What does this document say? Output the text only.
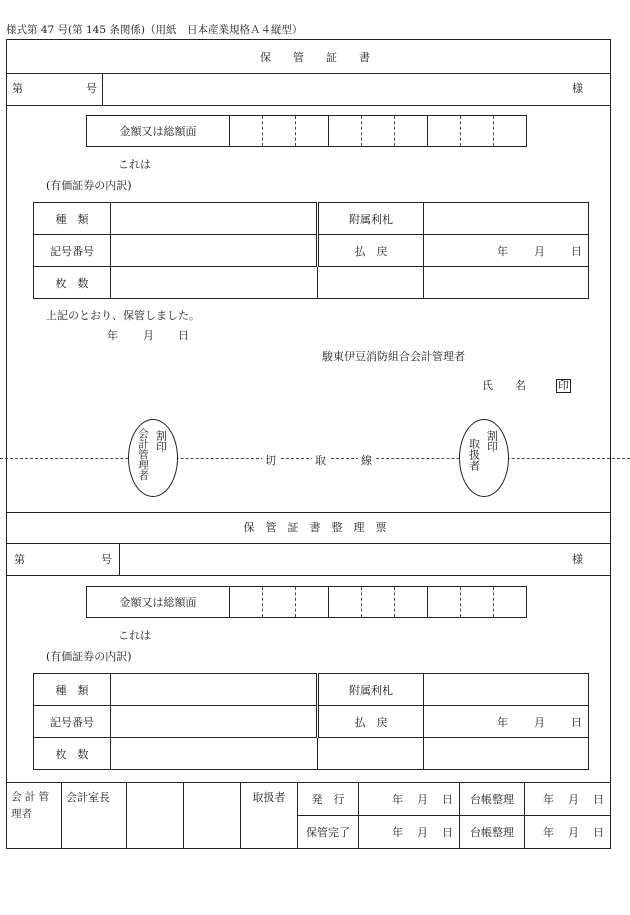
様式第 47 号(第 145 条関係)（用紙　日本産業規格Ａ４縦型）
保　　管　　証　　書
第	号	様
金額又は総額面									
これは
(有価証券の内訳)
種　類		附属利札	
記号番号		払　戻	年 月 日

枚　数			
上記のとおり、保管しました。
年 月 日
駿東伊豆消防組合会計管理者
氏　　名	印
割印
会計管理者	割印
取扱者
切	取	線
保　管　証　書　整　理　票
第	号	様
金額又は総額面									
これは
(有価証券の内訳)
種　類		附属利札	
記号番号		払　戻	年 月 日

枚　数			
会 計 管 理者	会計室長			取扱者	発　行	年 月 日	台帳整理	年 月 日

					保管完了	年 月 日	台帳整理	年 月 日
